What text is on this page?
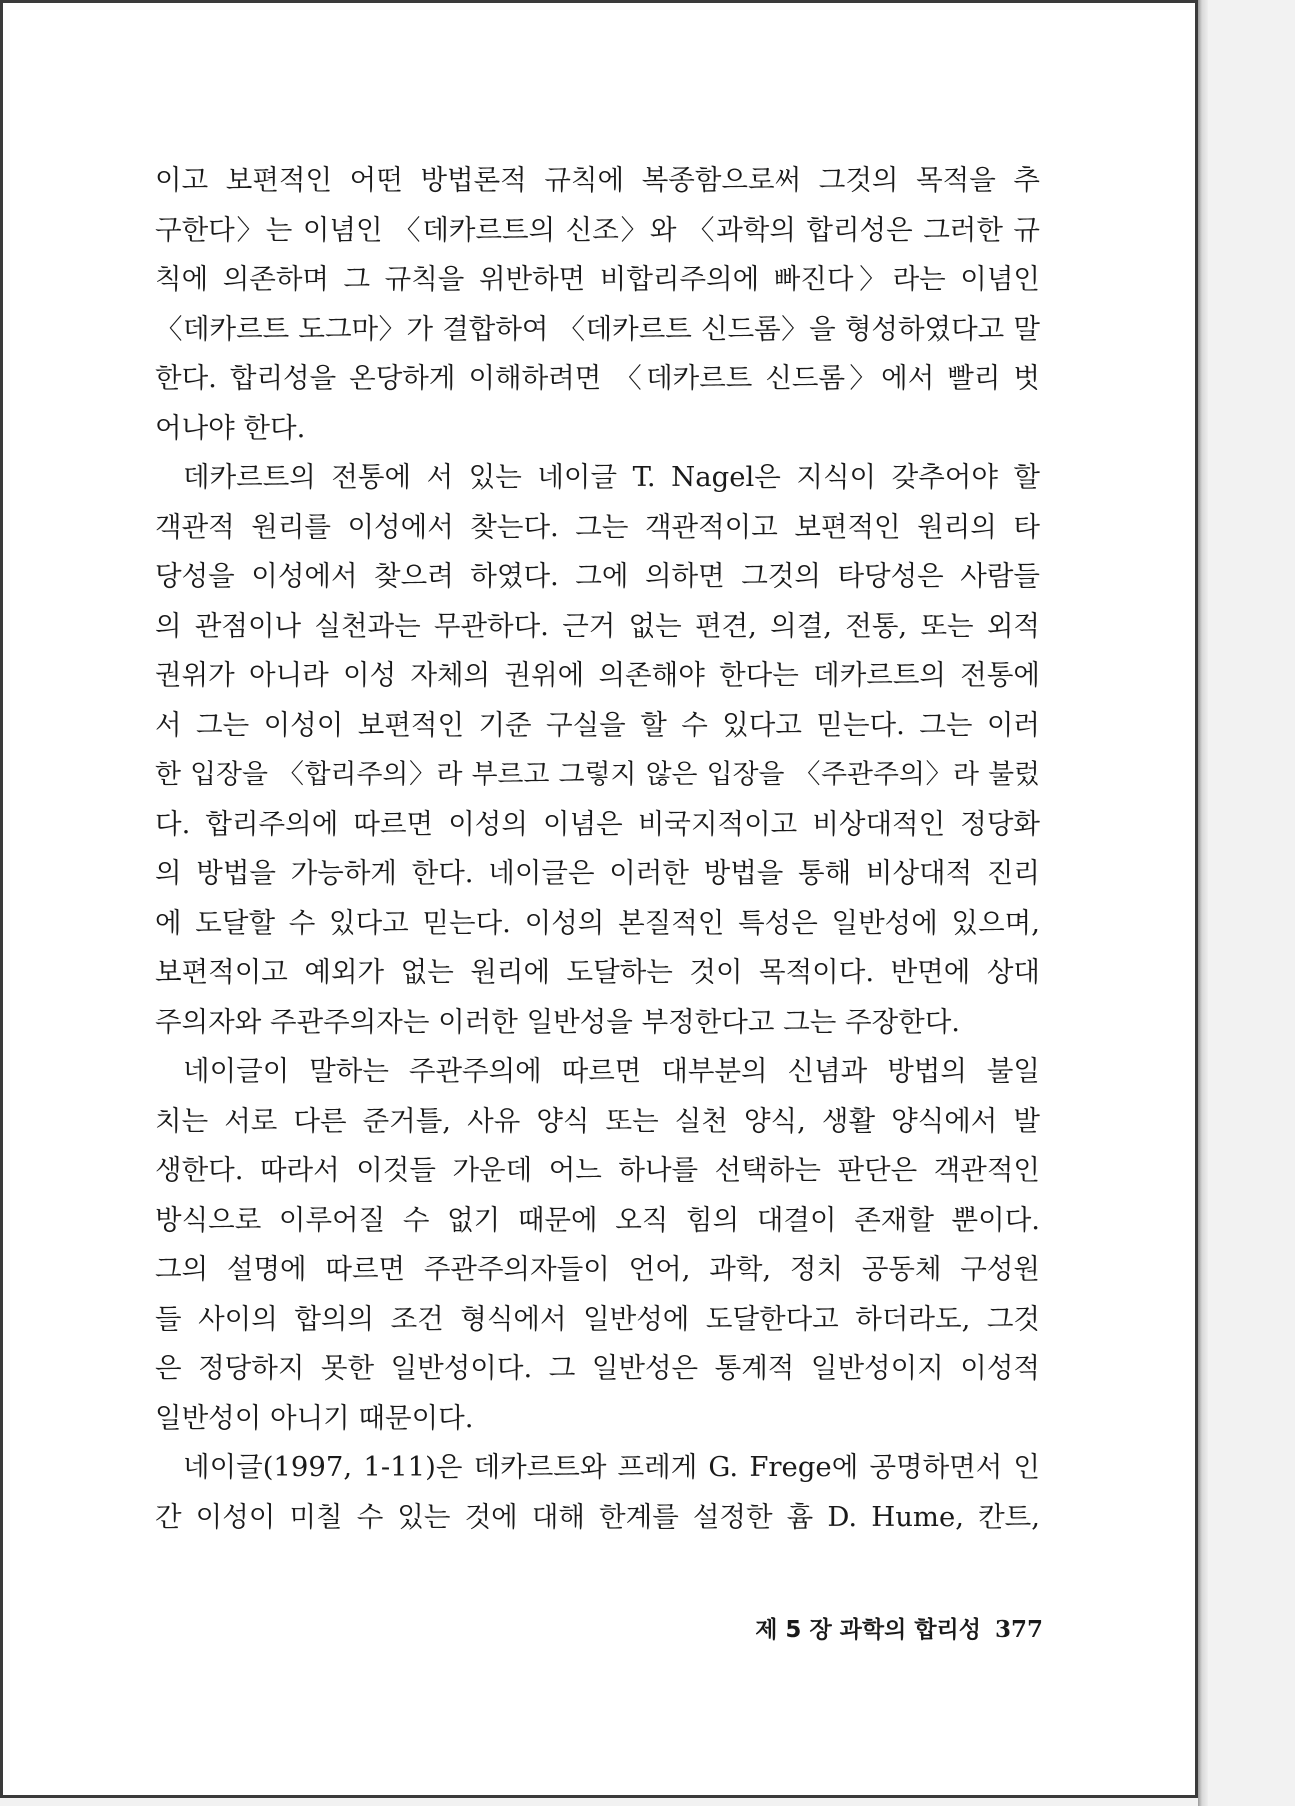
이고 보편적인 어떤 방법론적 규칙에 복종함으로써 그것의 목적을 추
구한다〉는 이념인 〈데카르트의 신조〉와 〈과학의 합리성은 그러한 규
칙에 의존하며 그 규칙을 위반하면 비합리주의에 빠진다〉라는 이념인
〈데카르트 도그마〉가 결합하여 〈데카르트 신드롬〉을 형성하였다고 말
한다. 합리성을 온당하게 이해하려면 〈데카르트 신드롬〉에서 빨리 벗
어나야 한다.
데카르트의 전통에 서 있는 네이글 T. Nagel은 지식이 갖추어야 할
객관적 원리를 이성에서 찾는다. 그는 객관적이고 보편적인 원리의 타
당성을 이성에서 찾으려 하였다. 그에 의하면 그것의 타당성은 사람들
의 관점이나 실천과는 무관하다. 근거 없는 편견, 의결, 전통, 또는 외적
권위가 아니라 이성 자체의 권위에 의존해야 한다는 데카르트의 전통에
서 그는 이성이 보편적인 기준 구실을 할 수 있다고 믿는다. 그는 이러
한 입장을 〈합리주의〉라 부르고 그렇지 않은 입장을 〈주관주의〉라 불렀
다. 합리주의에 따르면 이성의 이념은 비국지적이고 비상대적인 정당화
의 방법을 가능하게 한다. 네이글은 이러한 방법을 통해 비상대적 진리
에 도달할 수 있다고 믿는다. 이성의 본질적인 특성은 일반성에 있으며,
보편적이고 예외가 없는 원리에 도달하는 것이 목적이다. 반면에 상대
주의자와 주관주의자는 이러한 일반성을 부정한다고 그는 주장한다.
네이글이 말하는 주관주의에 따르면 대부분의 신념과 방법의 불일
치는 서로 다른 준거틀, 사유 양식 또는 실천 양식, 생활 양식에서 발
생한다. 따라서 이것들 가운데 어느 하나를 선택하는 판단은 객관적인
방식으로 이루어질 수 없기 때문에 오직 힘의 대결이 존재할 뿐이다.
그의 설명에 따르면 주관주의자들이 언어, 과학, 정치 공동체 구성원
들 사이의 합의의 조건 형식에서 일반성에 도달한다고 하더라도, 그것
은 정당하지 못한 일반성이다. 그 일반성은 통계적 일반성이지 이성적
일반성이 아니기 때문이다.
네이글(1997, 1-11)은 데카르트와 프레게 G. Frege에 공명하면서 인
간 이성이 미칠 수 있는 것에 대해 한계를 설정한 흄 D. Hume, 칸트,
제 5 장 과학의 합리성 377
